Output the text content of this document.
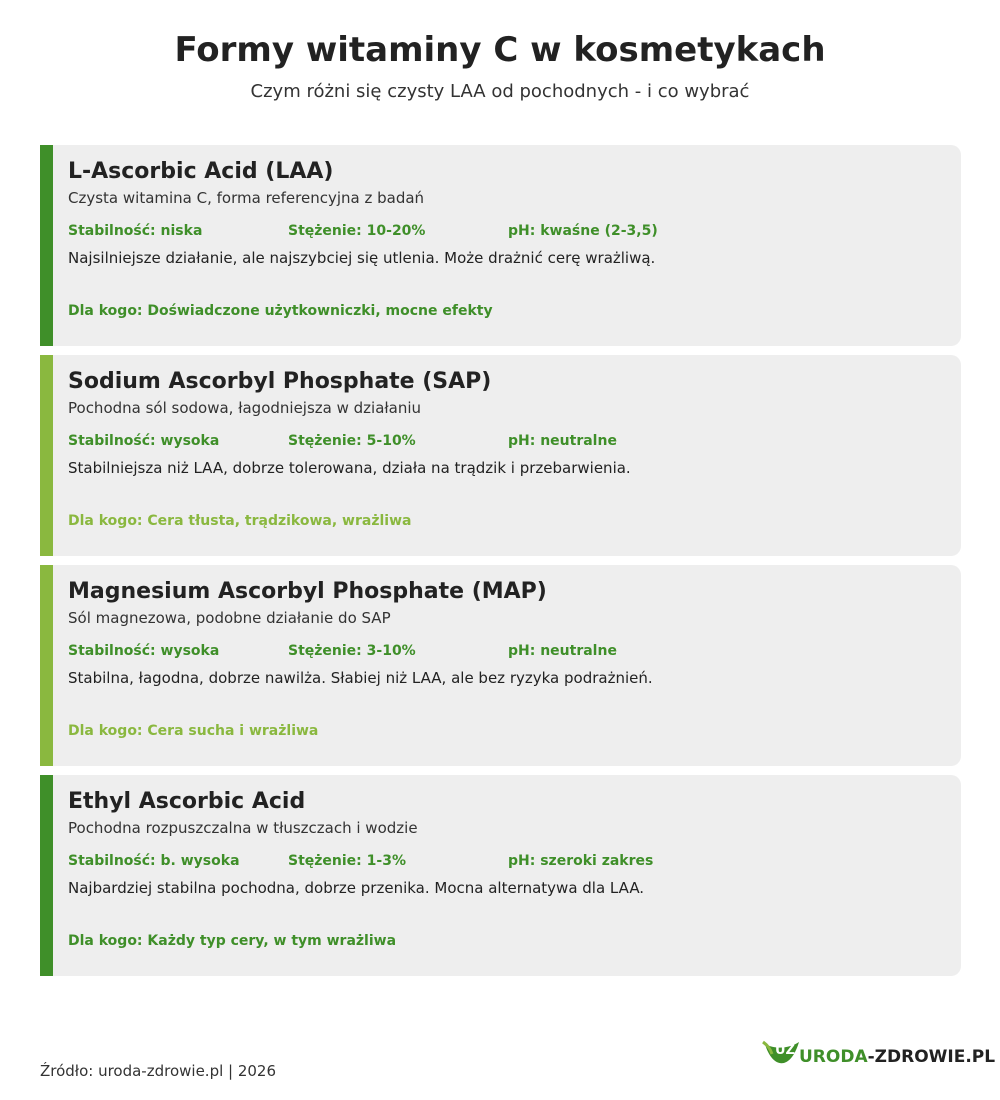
Formy witaminy C w kosmetykach
Czym różni się czysty LAA od pochodnych - i co wybrać
L-Ascorbic Acid (LAA)
Czysta witamina C, forma referencyjna z badań
Stabilność: niska	Stężenie: 10-20%	pH: kwaśne (2-3,5)
Najsilniejsze działanie, ale najszybciej się utlenia. Może drażnić cerę wrażliwą.
Dla kogo: Doświadczone użytkowniczki, mocne efekty
Sodium Ascorbyl Phosphate (SAP)
Pochodna sól sodowa, łagodniejsza w działaniu
Stabilność: wysoka	Stężenie: 5-10%	pH: neutralne
Stabilniejsza niż LAA, dobrze tolerowana, działa na trądzik i przebarwienia.
Dla kogo: Cera tłusta, trądzikowa, wrażliwa
Magnesium Ascorbyl Phosphate (MAP)
Sól magnezowa, podobne działanie do SAP
Stabilność: wysoka	Stężenie: 3-10%	pH: neutralne
Stabilna, łagodna, dobrze nawilża. Słabiej niż LAA, ale bez ryzyka podrażnień.
Dla kogo: Cera sucha i wrażliwa
Ethyl Ascorbic Acid
Pochodna rozpuszczalna w tłuszczach i wodzie
Stabilność: b. wysoka	Stężenie: 1-3%	pH: szeroki zakres
Najbardziej stabilna pochodna, dobrze przenika. Mocna alternatywa dla LAA.
Dla kogo: Każdy typ cery, w tym wrażliwa
Źródło: uroda-zdrowie.pl | 2026
UZ URODA-ZDROWIE.PL
